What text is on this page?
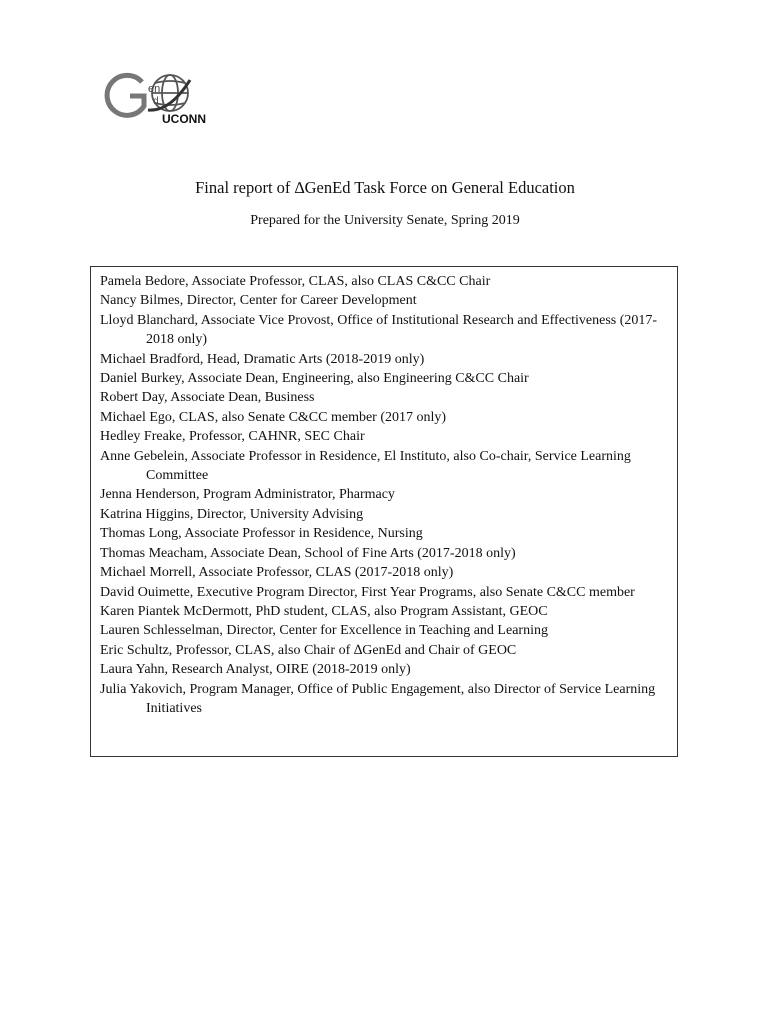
en
d
UCONN
Final report of ∆GenEd Task Force on General Education
Prepared for the University Senate, Spring 2019
Pamela Bedore, Associate Professor, CLAS, also CLAS C&CC Chair
Nancy Bilmes, Director, Center for Career Development
Lloyd Blanchard, Associate Vice Provost, Office of Institutional Research and Effectiveness (2017-2018 only)
Michael Bradford, Head, Dramatic Arts (2018-2019 only)
Daniel Burkey, Associate Dean, Engineering, also Engineering C&CC Chair
Robert Day, Associate Dean, Business
Michael Ego, CLAS, also Senate C&CC member (2017 only)
Hedley Freake, Professor, CAHNR, SEC Chair
Anne Gebelein, Associate Professor in Residence, El Instituto, also Co-chair, Service Learning Committee
Jenna Henderson, Program Administrator, Pharmacy
Katrina Higgins, Director, University Advising
Thomas Long, Associate Professor in Residence, Nursing
Thomas Meacham, Associate Dean, School of Fine Arts (2017-2018 only)
Michael Morrell, Associate Professor, CLAS (2017-2018 only)
David Ouimette, Executive Program Director, First Year Programs, also Senate C&CC member
Karen Piantek McDermott, PhD student, CLAS, also Program Assistant, GEOC
Lauren Schlesselman, Director, Center for Excellence in Teaching and Learning
Eric Schultz, Professor, CLAS, also Chair of ∆GenEd and Chair of GEOC
Laura Yahn, Research Analyst, OIRE (2018-2019 only)
Julia Yakovich, Program Manager, Office of Public Engagement, also Director of Service Learning Initiatives
